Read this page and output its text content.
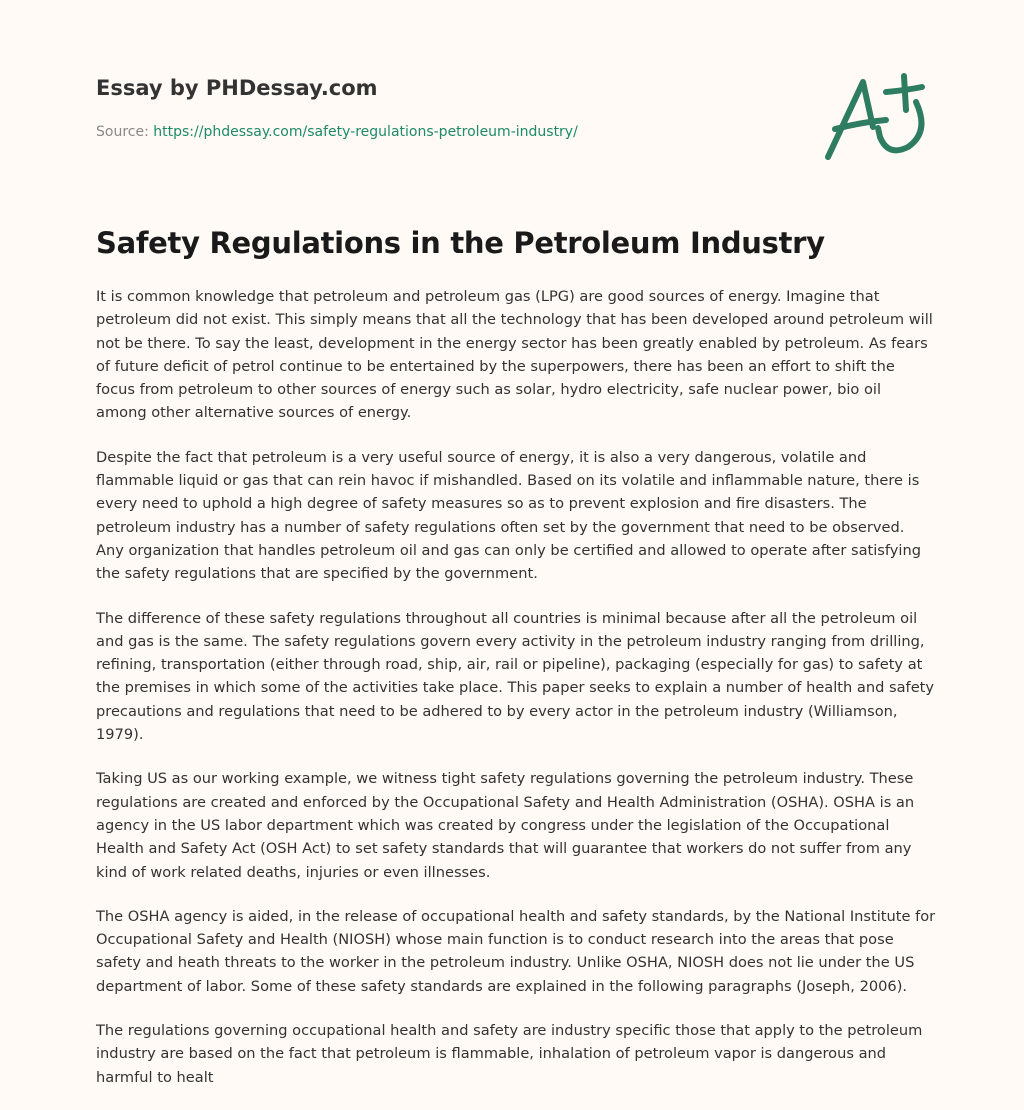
Essay by PHDessay.com
Source: https://phdessay.com/safety-regulations-petroleum-industry/
Safety Regulations in the Petroleum Industry

It is common knowledge that petroleum and petroleum gas (LPG) are good sources of energy. Imagine that petroleum did not exist. This simply means that all the technology that has been developed around petroleum will not be there. To say the least, development in the energy sector has been greatly enabled by petroleum. As fears of future deficit of petrol continue to be entertained by the superpowers, there has been an effort to shift the focus from petroleum to other sources of energy such as solar, hydro electricity, safe nuclear power, bio oil among other alternative sources of energy.

Despite the fact that petroleum is a very useful source of energy, it is also a very dangerous, volatile and flammable liquid or gas that can rein havoc if mishandled. Based on its volatile and inflammable nature, there is every need to uphold a high degree of safety measures so as to prevent explosion and fire disasters. The petroleum industry has a number of safety regulations often set by the government that need to be observed. Any organization that handles petroleum oil and gas can only be certified and allowed to operate after satisfying the safety regulations that are specified by the government.

The difference of these safety regulations throughout all countries is minimal because after all the petroleum oil and gas is the same. The safety regulations govern every activity in the petroleum industry ranging from drilling, refining, transportation (either through road, ship, air, rail or pipeline), packaging (especially for gas) to safety at the premises in which some of the activities take place. This paper seeks to explain a number of health and safety precautions and regulations that need to be adhered to by every actor in the petroleum industry (Williamson, 1979).

Taking US as our working example, we witness tight safety regulations governing the petroleum industry. These regulations are created and enforced by the Occupational Safety and Health Administration (OSHA). OSHA is an agency in the US labor department which was created by congress under the legislation of the Occupational Health and Safety Act (OSH Act) to set safety standards that will guarantee that workers do not suffer from any kind of work related deaths, injuries or even illnesses.

The OSHA agency is aided, in the release of occupational health and safety standards, by the National Institute for Occupational Safety and Health (NIOSH) whose main function is to conduct research into the areas that pose safety and heath threats to the worker in the petroleum industry. Unlike OSHA, NIOSH does not lie under the US department of labor. Some of these safety standards are explained in the following paragraphs (Joseph, 2006).

The regulations governing occupational health and safety are industry specific those that apply to the petroleum industry are based on the fact that petroleum is flammable, inhalation of petroleum vapor is dangerous and harmful to healt
